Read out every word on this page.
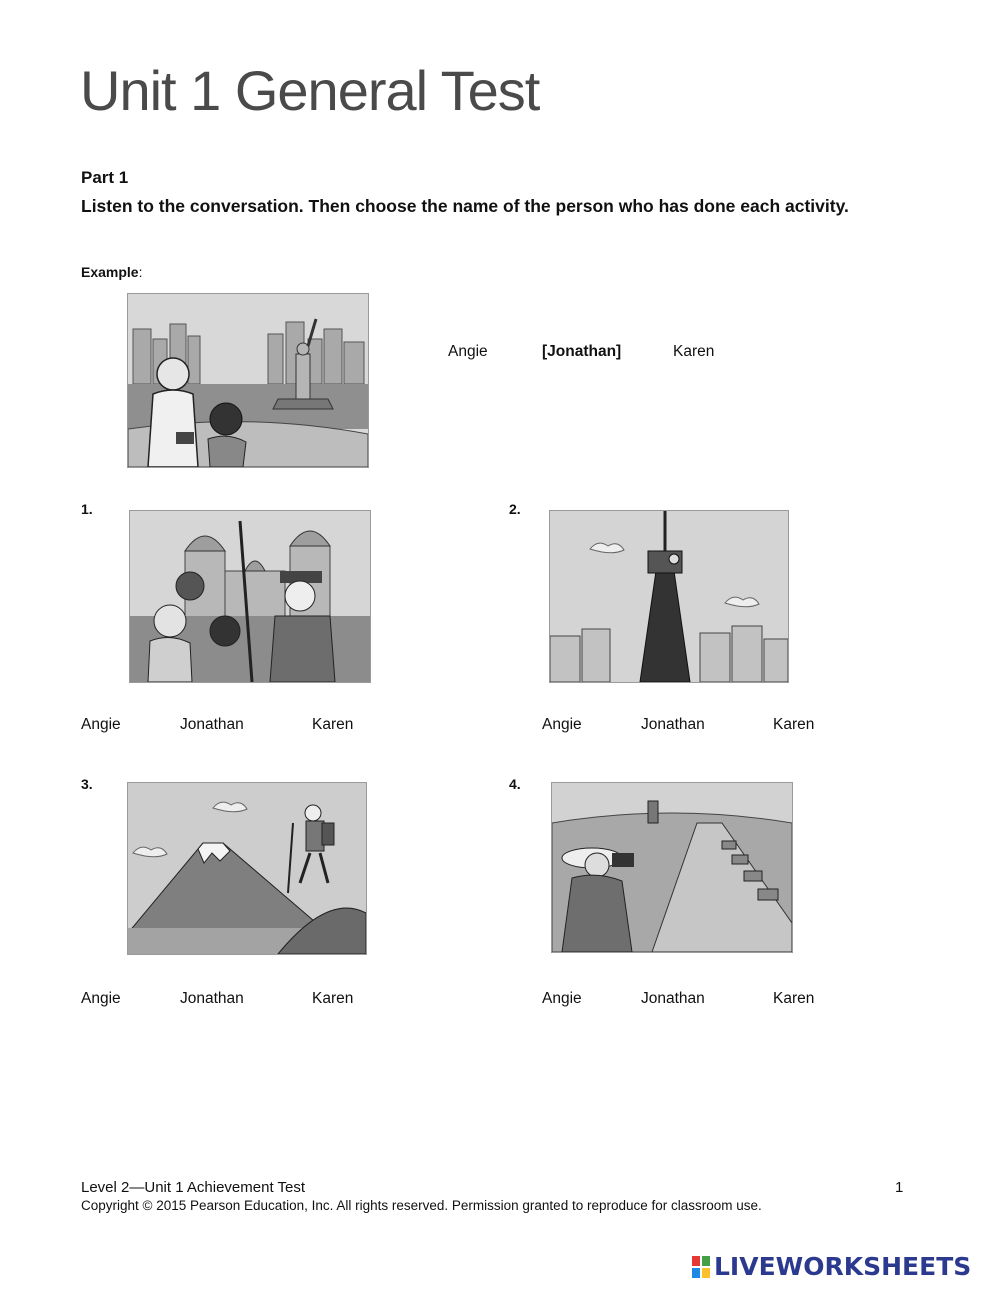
Unit 1 General Test
Part 1
Listen to the conversation. Then choose the name of the person who has done each activity.
Example:
Angie	[Jonathan]	Karen
1.
Angie	Jonathan	Karen
2.
Angie	Jonathan	Karen
3.
Angie	Jonathan	Karen
4.
Angie	Jonathan	Karen
Level 2—Unit 1 Achievement Test	1
Copyright © 2015 Pearson Education, Inc. All rights reserved. Permission granted to reproduce for classroom use.
LIVEWORKSHEETS
